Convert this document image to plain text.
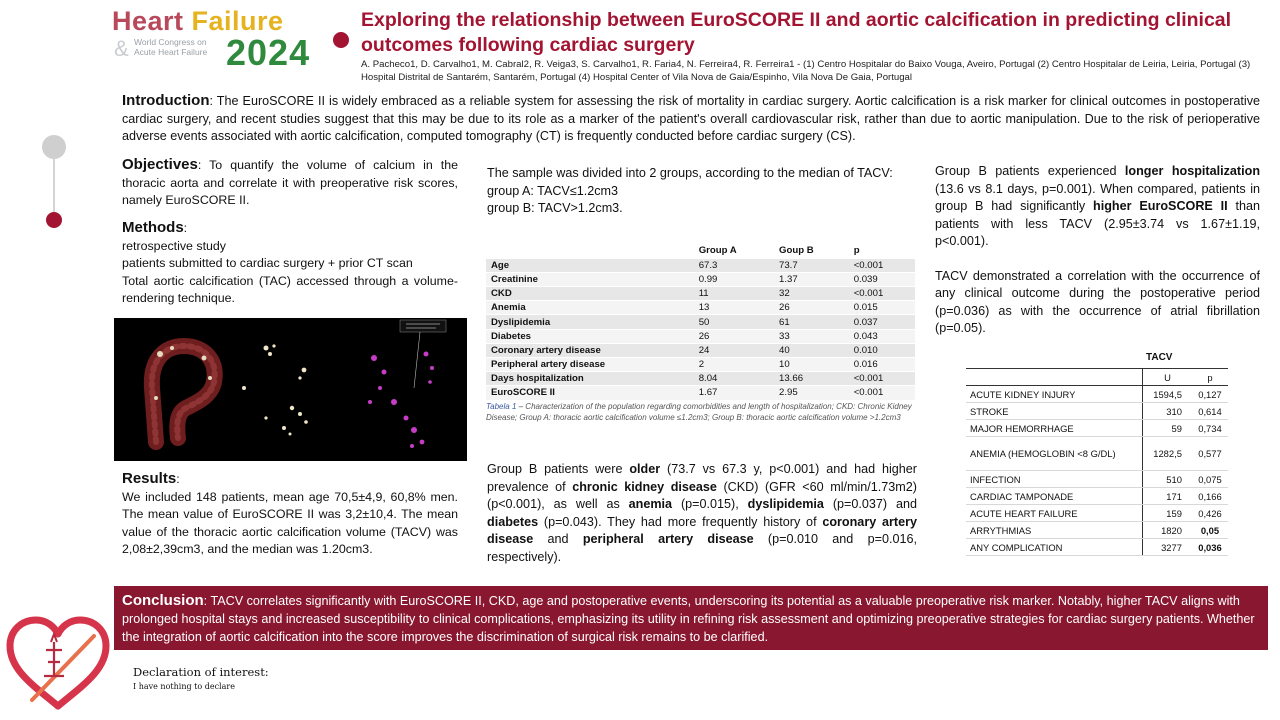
Heart Failure
& World Congress on
Acute Heart Failure 2024
Exploring the relationship between EuroSCORE II and aortic calcification in predicting clinical outcomes following cardiac surgery
A. Pacheco1, D. Carvalho1, M. Cabral2, R. Veiga3, S. Carvalho1, R. Faria4, N. Ferreira4, R. Ferreira1 - (1) Centro Hospitalar do Baixo Vouga, Aveiro, Portugal (2) Centro Hospitalar de Leiria, Leiria, Portugal (3) Hospital Distrital de Santarém, Santarém, Portugal (4) Hospital Center of Vila Nova de Gaia/Espinho, Vila Nova De Gaia, Portugal
Introduction: The EuroSCORE II is widely embraced as a reliable system for assessing the risk of mortality in cardiac surgery. Aortic calcification is a risk marker for clinical outcomes in postoperative cardiac surgery, and recent studies suggest that this may be due to its role as a marker of the patient's overall cardiovascular risk, rather than due to aortic manipulation. Due to the risk of perioperative adverse events associated with aortic calcification, computed tomography (CT) is frequently conducted before cardiac surgery (CS).
Objectives: To quantify the volume of calcium in the thoracic aorta and correlate it with preoperative risk scores, namely EuroSCORE II.
Methods:
retrospective study
patients submitted to cardiac surgery + prior CT scan
Total aortic calcification (TAC) accessed through a volume-rendering technique.
Results:
We included 148 patients, mean age 70,5±4,9, 60,8% men. The mean value of EuroSCORE II was 3,2±10,4. The mean value of the thoracic aortic calcification volume (TACV) was 2,08±2,39cm3, and the median was 1.20cm3.
The sample was divided into 2 groups, according to the median of TACV:
group A: TACV≤1.2cm3
group B: TACV>1.2cm3.
	Group A	Goup B	p
Age	67.3	73.7	<0.001
Creatinine	0.99	1.37	0.039
CKD	11	32	<0.001
Anemia	13	26	0.015
Dyslipidemia	50	61	0.037
Diabetes	26	33	0.043
Coronary artery disease	24	40	0.010
Peripheral artery disease	2	10	0.016
Days hospitalization	8.04	13.66	<0.001
EuroSCORE II	1.67	2.95	<0.001
Tabela 1 – Characterization of the population regarding comorbidities and length of hospitalization; CKD: Chronic Kidney Disease; Group A: thoracic aortic calcification volume ≤1.2cm3; Group B: thoracic aortic calcification volume >1.2cm3
Group B patients were older (73.7 vs 67.3 y, p<0.001) and had higher prevalence of chronic kidney disease (CKD) (GFR <60 ml/min/1.73m2) (p<0.001), as well as anemia (p=0.015), dyslipidemia (p=0.037) and diabetes (p=0.043). They had more frequently history of coronary artery disease and peripheral artery disease (p=0.010 and p=0.016, respectively).

Group B patients experienced longer hospitalization (13.6 vs 8.1 days, p=0.001). When compared, patients in group B had significantly higher EuroSCORE II than patients with less TACV (2.95±3.74 vs 1.67±1.19, p<0.001).

TACV demonstrated a correlation with the occurrence of any clinical outcome during the postoperative period (p=0.036) as with the occurrence of atrial fibrillation (p=0.05).

TACV
	U	p
ACUTE KIDNEY INJURY	1594,5	0,127
STROKE	310	0,614
MAJOR HEMORRHAGE	59	0,734
ANEMIA (HEMOGLOBIN <8 G/DL)	1282,5	0,577
INFECTION	510	0,075
CARDIAC TAMPONADE	171	0,166
ACUTE HEART FAILURE	159	0,426
ARRYTHMIAS	1820	0,05
ANY COMPLICATION	3277	0,036
Conclusion: TACV correlates significantly with EuroSCORE II, CKD, age and postoperative events, underscoring its potential as a valuable preoperative risk marker. Notably, higher TACV aligns with prolonged hospital stays and increased susceptibility to clinical complications, emphasizing its utility in refining risk assessment and optimizing preoperative strategies for cardiac surgery patients. Whether the integration of aortic calcification into the score improves the discrimination of surgical risk remains to be clarified.
Declaration of interest:
I have nothing to declare
